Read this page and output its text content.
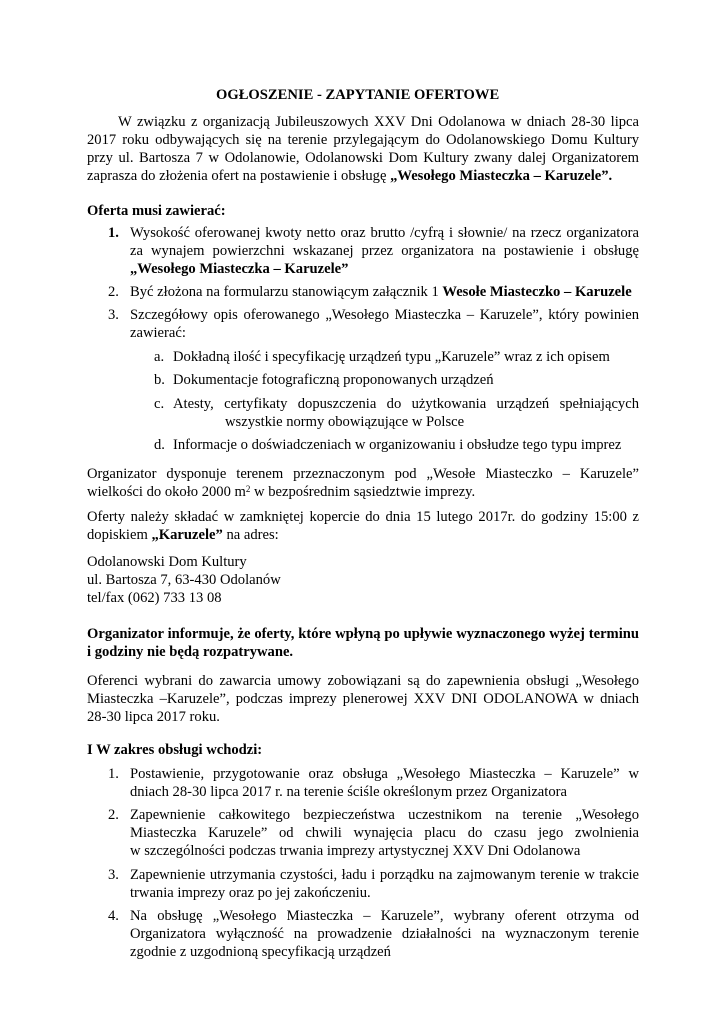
OGŁOSZENIE - ZAPYTANIE OFERTOWE
W związku z organizacją Jubileuszowych XXV Dni Odolanowa w dniach 28-30 lipca
2017 roku odbywających się na terenie przylegającym do Odolanowskiego Domu Kultury
przy ul. Bartosza 7 w Odolanowie, Odolanowski Dom Kultury zwany dalej Organizatorem
zaprasza do złożenia ofert na postawienie i obsługę „Wesołego Miasteczka – Karuzele”.
Oferta musi zawierać:
1. Wysokość oferowanej kwoty netto oraz brutto /cyfrą i słownie/ na rzecz organizatora
za wynajem powierzchni wskazanej przez organizatora na postawienie i obsługę
„Wesołego Miasteczka – Karuzele”
2. Być złożona na formularzu stanowiącym załącznik 1 Wesołe Miasteczko – Karuzele
3. Szczegółowy opis oferowanego „Wesołego Miasteczka – Karuzele”, który powinien
zawierać:
a. Dokładną ilość i specyfikację urządzeń typu „Karuzele” wraz z ich opisem
b. Dokumentacje fotograficzną proponowanych urządzeń
c. Atesty, certyfikaty dopuszczenia do użytkowania urządzeń spełniających
wszystkie normy obowiązujące w Polsce
d. Informacje o doświadczeniach w organizowaniu i obsłudze tego typu imprez
Organizator dysponuje terenem przeznaczonym pod „Wesołe Miasteczko – Karuzele”
wielkości do około 2000 $m^2$ w bezpośrednim sąsiedztwie imprezy.
Oferty należy składać w zamkniętej kopercie do dnia 15 lutego 2017r. do godziny 15:00 z
dopiskiem „Karuzele” na adres:
Odolanowski Dom Kultury
ul. Bartosza 7, 63-430 Odolanów
tel/fax (062) 733 13 08
Organizator informuje, że oferty, które wpłyną po upływie wyznaczonego wyżej terminu
i godziny nie będą rozpatrywane.
Oferenci wybrani do zawarcia umowy zobowiązani są do zapewnienia obsługi „Wesołego
Miasteczka –Karuzele”, podczas imprezy plenerowej XXV DNI ODOLANOWA w dniach
28-30 lipca 2017 roku.
I W zakres obsługi wchodzi:
1. Postawienie, przygotowanie oraz obsługa „Wesołego Miasteczka – Karuzele” w
dniach 28-30 lipca 2017 r. na terenie ściśle określonym przez Organizatora
2. Zapewnienie całkowitego bezpieczeństwa uczestnikom na terenie „Wesołego
Miasteczka Karuzele” od chwili wynajęcia placu do czasu jego zwolnienia
w szczególności podczas trwania imprezy artystycznej XXV Dni Odolanowa
3. Zapewnienie utrzymania czystości, ładu i porządku na zajmowanym terenie w trakcie
trwania imprezy oraz po jej zakończeniu.
4. Na obsługę „Wesołego Miasteczka – Karuzele”, wybrany oferent otrzyma od
Organizatora wyłączność na prowadzenie działalności na wyznaczonym terenie
zgodnie z uzgodnioną specyfikacją urządzeń
